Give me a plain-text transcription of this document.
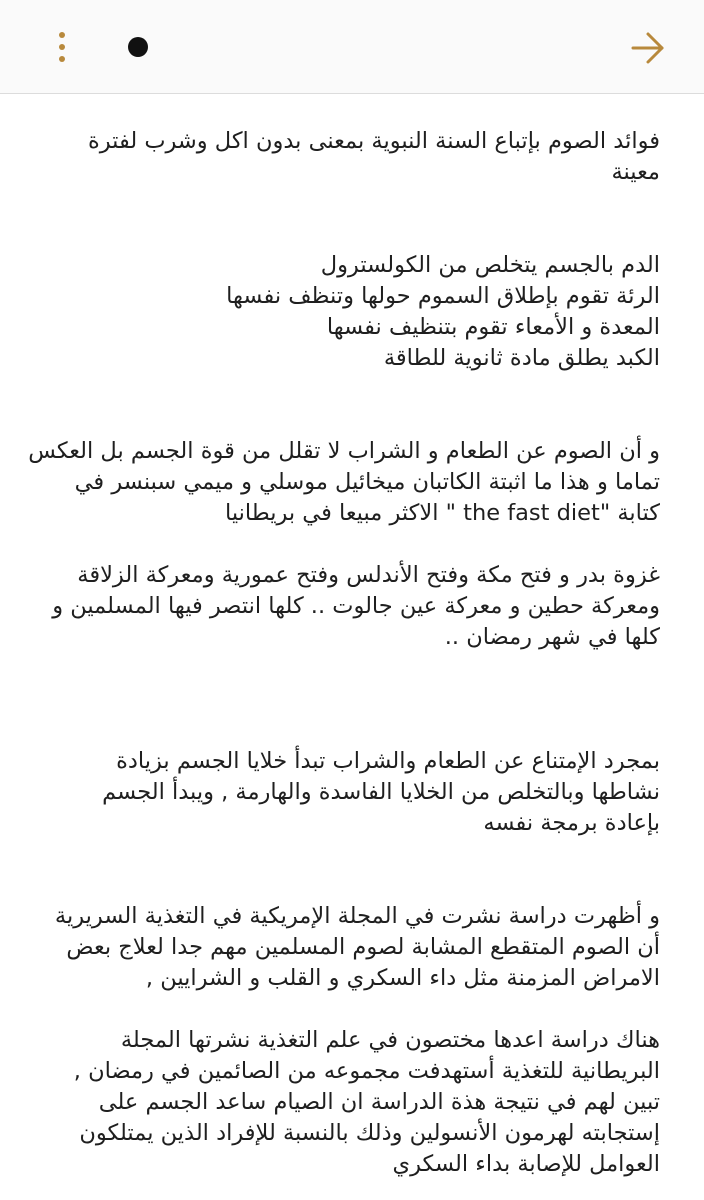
فوائد الصوم بإتباع السنة النبوية بمعنى بدون اكل وشرب لفترة
معينة
الدم بالجسم يتخلص من الكولسترول
الرئة تقوم بإطلاق السموم حولها وتنظف نفسها
المعدة و الأمعاء تقوم بتنظيف نفسها
الكبد يطلق مادة ثانوية للطاقة
و أن الصوم عن الطعام و الشراب لا تقلل من قوة الجسم بل العكس
تماما و هذا ما اثبتة الكاتبان ميخائيل موسلي و ميمي سبنسر في
كتابة "the fast diet " الاكثر مبيعا في بريطانيا
غزوة بدر و فتح مكة وفتح الأندلس وفتح عمورية ومعركة الزلاقة
ومعركة حطين و معركة عين جالوت .. كلها انتصر فيها المسلمين و
كلها في شهر رمضان ..
بمجرد الإمتناع عن الطعام والشراب تبدأ خلايا الجسم بزيادة
نشاطها وبالتخلص من الخلايا الفاسدة والهارمة , ويبدأ الجسم
بإعادة برمجة نفسه
و أظهرت دراسة نشرت في المجلة الإمريكية في التغذية السريرية
أن الصوم المتقطع المشابة لصوم المسلمين مهم جدا لعلاج بعض
الامراض المزمنة مثل داء السكري و القلب و الشرايين ,
هناك دراسة اعدها مختصون في علم التغذية نشرتها المجلة
البريطانية للتغذية أستهدفت مجموعه من الصائمين في رمضان ,
تبين لهم في نتيجة هذة الدراسة ان الصيام ساعد الجسم على
إستجابته لهرمون الأنسولين وذلك بالنسبة للإفراد الذين يمتلكون
العوامل للإصابة بداء السكري
